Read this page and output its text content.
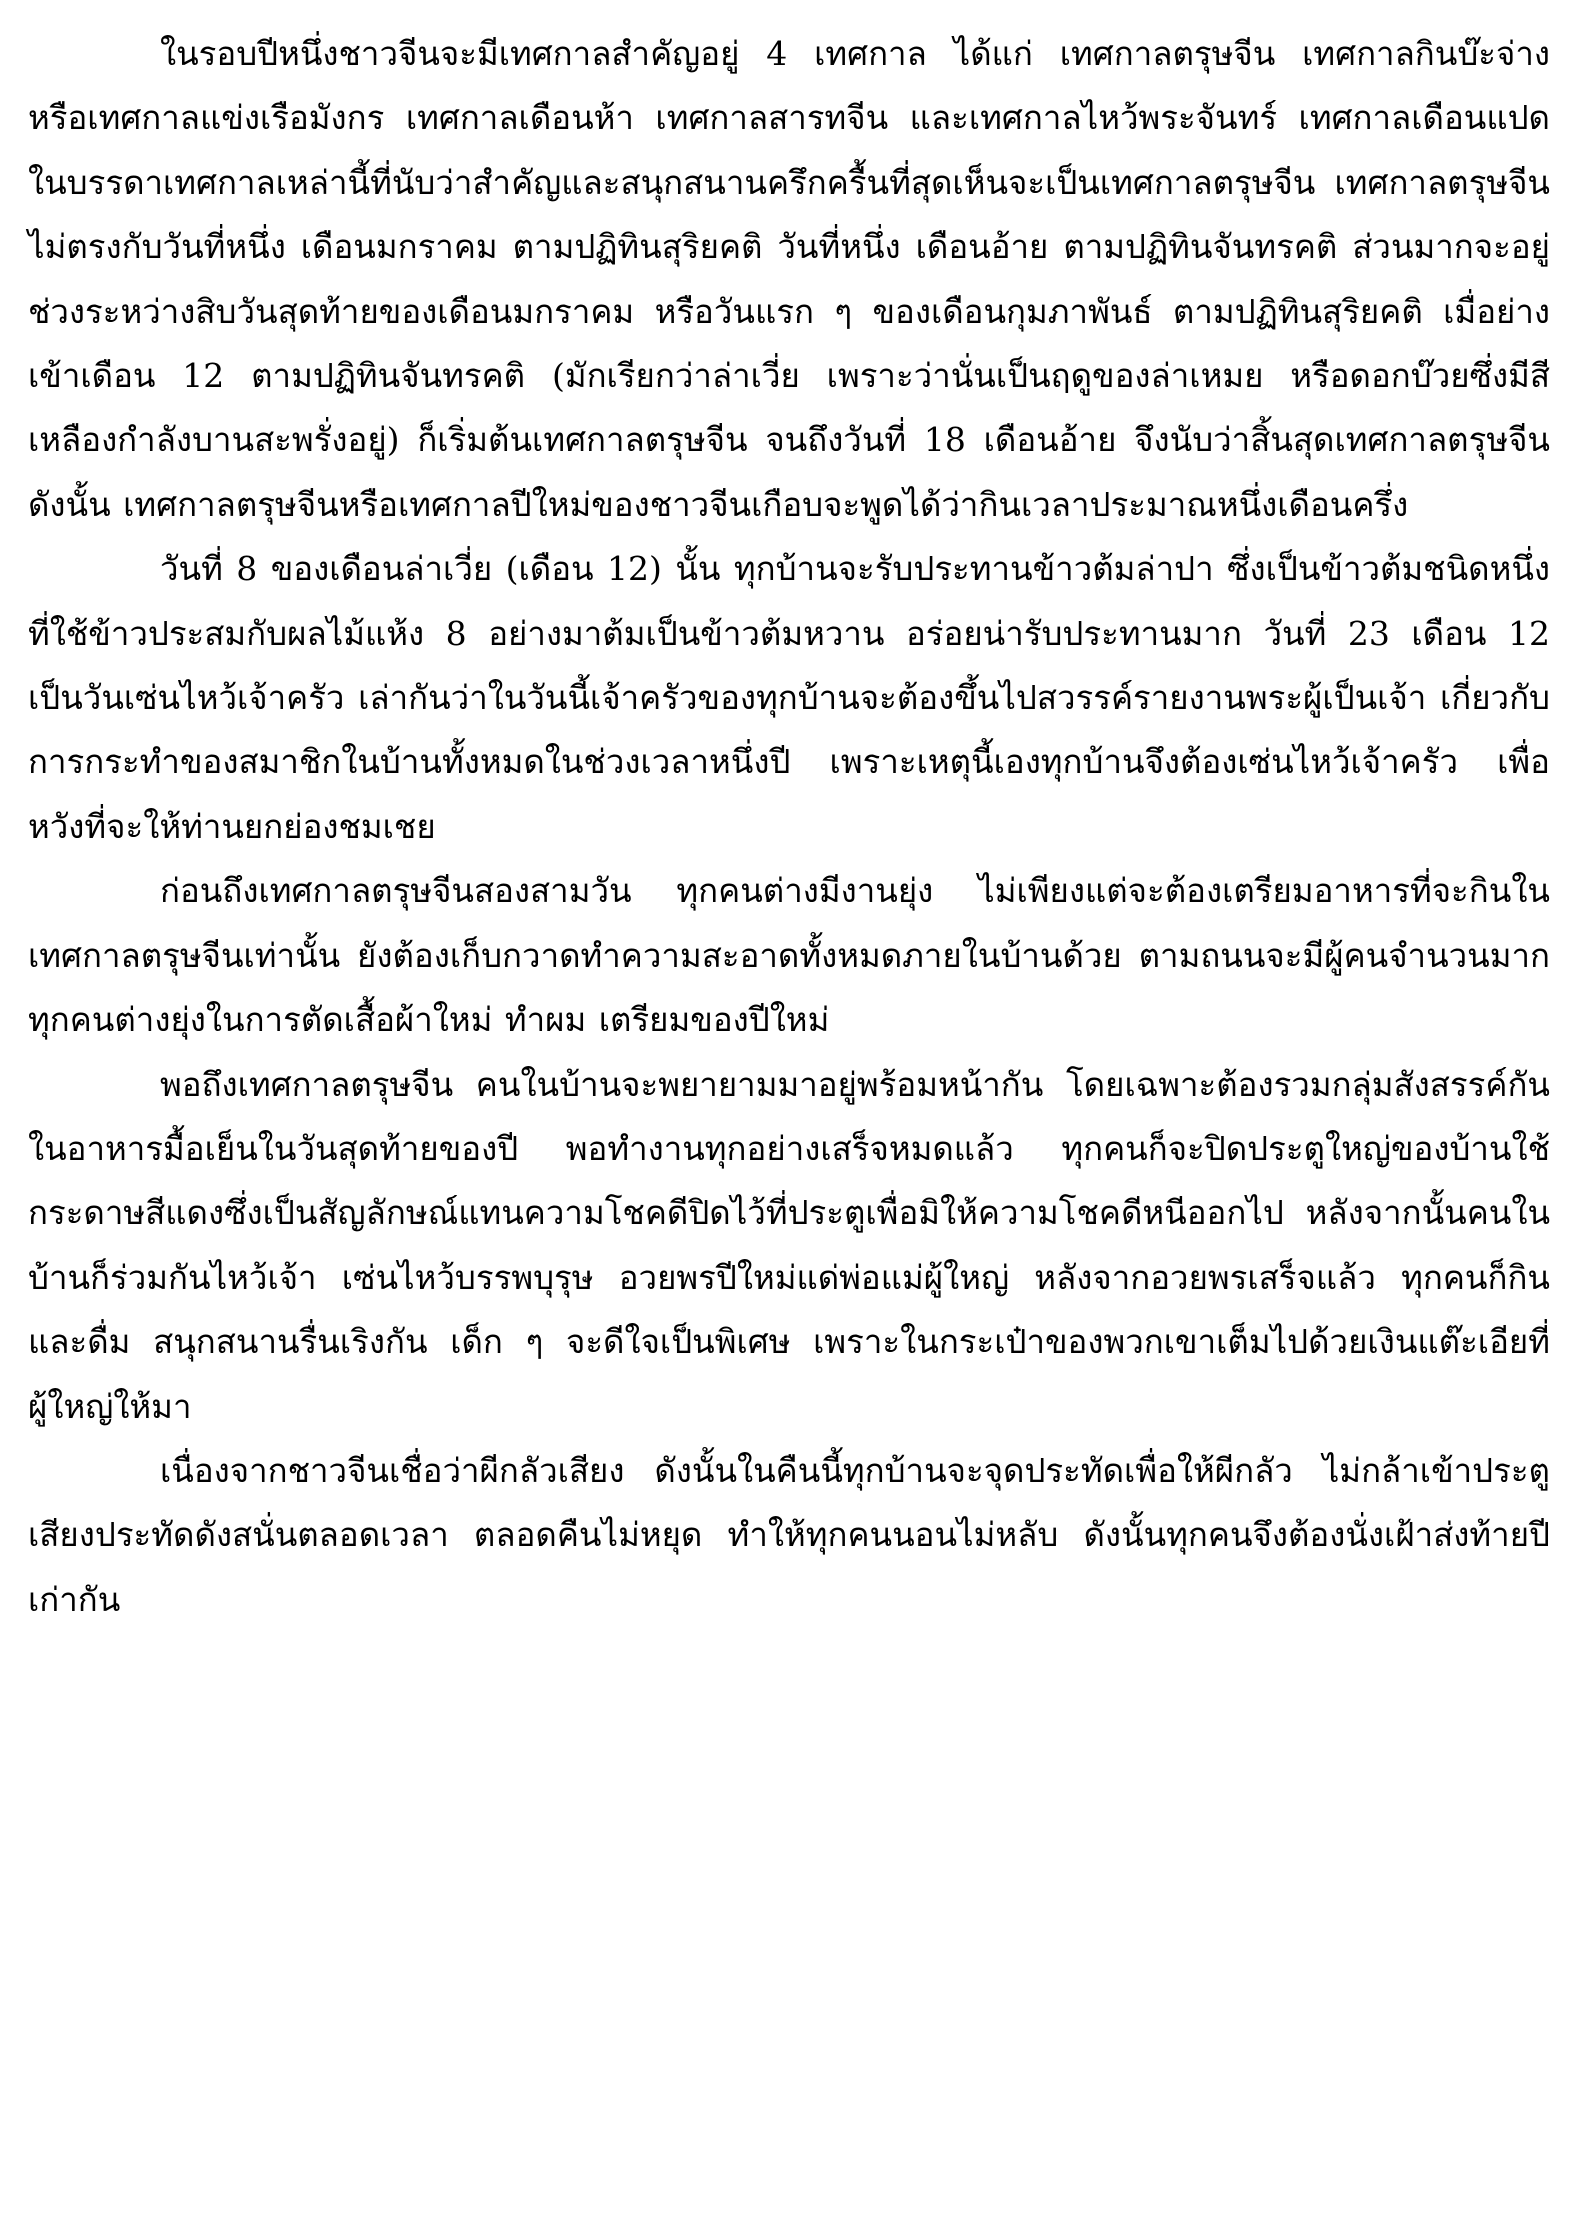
ในรอบปีหนึ่งชาวจีนจะมีเทศกาลสำคัญอยู่ 4 เทศกาล ได้แก่ เทศกาลตรุษจีน เทศกาลกินบ๊ะจ่าง หรือเทศกาลแข่งเรือมังกร เทศกาลเดือนห้า เทศกาลสารทจีน และเทศกาลไหว้พระจันทร์ เทศกาลเดือนแปด ในบรรดาเทศกาลเหล่านี้ที่นับว่าสำคัญและสนุกสนานครึกครื้นที่สุดเห็นจะเป็นเทศกาลตรุษจีน เทศกาลตรุษจีนไม่ตรงกับวันที่หนึ่ง เดือนมกราคม ตามปฏิทินสุริยคติ วันที่หนึ่ง เดือนอ้าย ตามปฏิทินจันทรคติ ส่วนมากจะอยู่ช่วงระหว่างสิบวันสุดท้ายของเดือนมกราคม หรือวันแรก ๆ ของเดือนกุมภาพันธ์ ตามปฏิทินสุริยคติ เมื่อย่างเข้าเดือน 12 ตามปฏิทินจันทรคติ (มักเรียกว่าล่าเวี่ย เพราะว่านั่นเป็นฤดูของล่าเหมย หรือดอกบ๊วยซึ่งมีสีเหลืองกำลังบานสะพรั่งอยู่) ก็เริ่มต้นเทศกาลตรุษจีน จนถึงวันที่ 18 เดือนอ้าย จึงนับว่าสิ้นสุดเทศกาลตรุษจีน ดังนั้น เทศกาลตรุษจีนหรือเทศกาลปีใหม่ของชาวจีนเกือบจะพูดได้ว่ากินเวลาประมาณหนึ่งเดือนครึ่ง

วันที่ 8 ของเดือนล่าเวี่ย (เดือน 12) นั้น ทุกบ้านจะรับประทานข้าวต้มล่าปา ซึ่งเป็นข้าวต้มชนิดหนึ่งที่ใช้ข้าวประสมกับผลไม้แห้ง 8 อย่างมาต้มเป็นข้าวต้มหวาน อร่อยน่ารับประทานมาก วันที่ 23 เดือน 12 เป็นวันเซ่นไหว้เจ้าครัว เล่ากันว่าในวันนี้เจ้าครัวของทุกบ้านจะต้องขึ้นไปสวรรค์รายงานพระผู้เป็นเจ้า เกี่ยวกับการกระทำของสมาชิกในบ้านทั้งหมดในช่วงเวลาหนึ่งปี เพราะเหตุนี้เองทุกบ้านจึงต้องเซ่นไหว้เจ้าครัว เพื่อหวังที่จะให้ท่านยกย่องชมเชย

ก่อนถึงเทศกาลตรุษจีนสองสามวัน ทุกคนต่างมีงานยุ่ง ไม่เพียงแต่จะต้องเตรียมอาหารที่จะกินในเทศกาลตรุษจีนเท่านั้น ยังต้องเก็บกวาดทำความสะอาดทั้งหมดภายในบ้านด้วย ตามถนนจะมีผู้คนจำนวนมาก ทุกคนต่างยุ่งในการตัดเสื้อผ้าใหม่ ทำผม เตรียมของปีใหม่

พอถึงเทศกาลตรุษจีน คนในบ้านจะพยายามมาอยู่พร้อมหน้ากัน โดยเฉพาะต้องรวมกลุ่มสังสรรค์กันในอาหารมื้อเย็นในวันสุดท้ายของปี พอทำงานทุกอย่างเสร็จหมดแล้ว ทุกคนก็จะปิดประตูใหญ่ของบ้านใช้กระดาษสีแดงซึ่งเป็นสัญลักษณ์แทนความโชคดีปิดไว้ที่ประตูเพื่อมิให้ความโชคดีหนีออกไป หลังจากนั้นคนในบ้านก็ร่วมกันไหว้เจ้า เซ่นไหว้บรรพบุรุษ อวยพรปีใหม่แด่พ่อแม่ผู้ใหญ่ หลังจากอวยพรเสร็จแล้ว ทุกคนก็กินและดื่ม สนุกสนานรื่นเริงกัน เด็ก ๆ จะดีใจเป็นพิเศษ เพราะในกระเป๋าของพวกเขาเต็มไปด้วยเงินแต๊ะเอียที่ผู้ใหญ่ให้มา

เนื่องจากชาวจีนเชื่อว่าผีกลัวเสียง ดังนั้นในคืนนี้ทุกบ้านจะจุดประทัดเพื่อให้ผีกลัว ไม่กล้าเข้าประตู เสียงประทัดดังสนั่นตลอดเวลา ตลอดคืนไม่หยุด ทำให้ทุกคนนอนไม่หลับ ดังนั้นทุกคนจึงต้องนั่งเฝ้าส่งท้ายปีเก่ากัน
